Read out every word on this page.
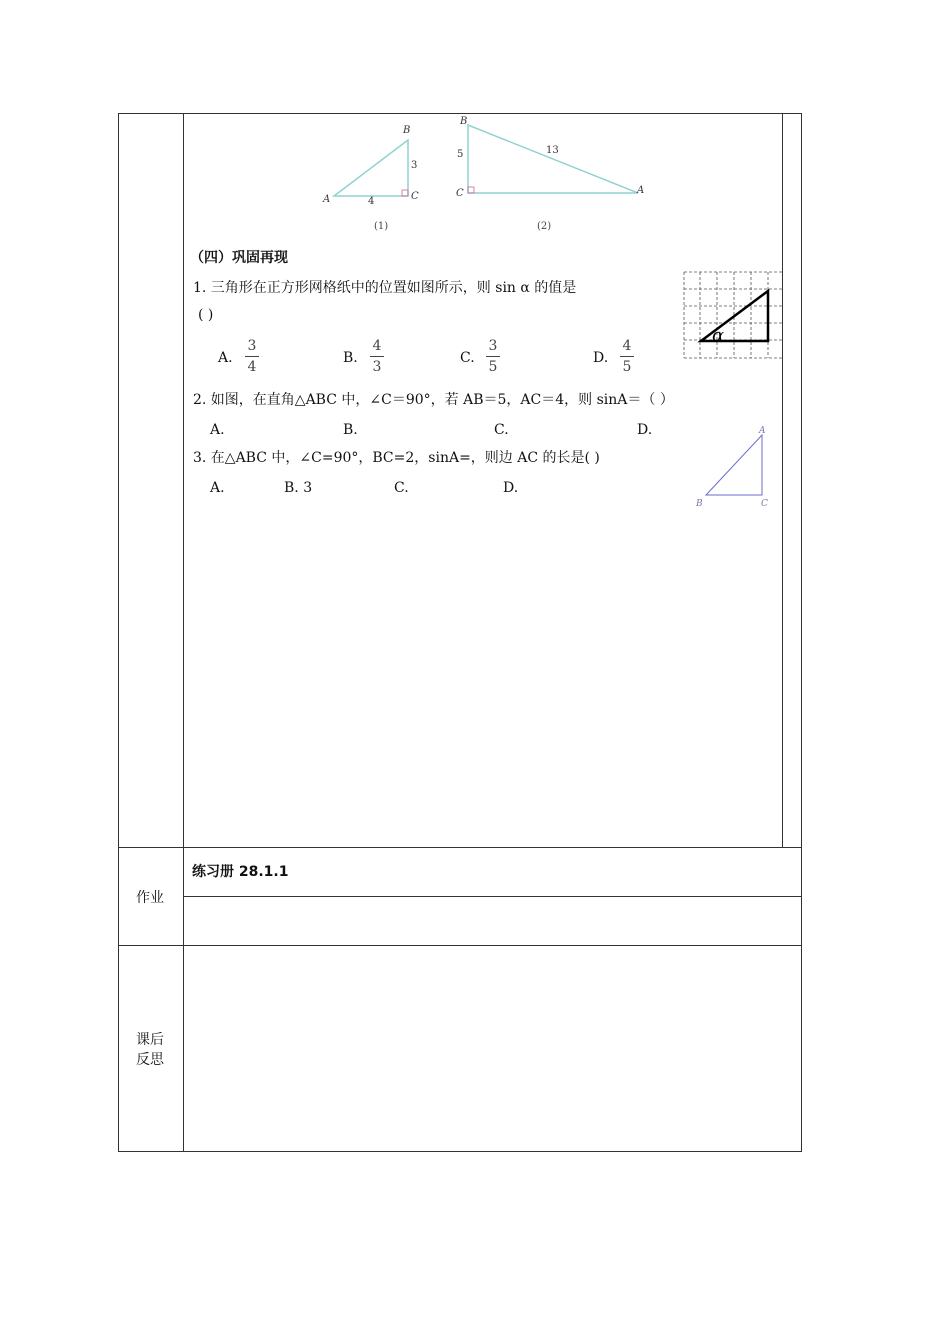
B
A	C
3
4
(1)
B
C	A
5	13
(2)
（四）巩固再现
1. 三角形在正方形网格纸中的位置如图所示，则 sin α 的值是
( )
A.
3
4
B.
4
3
C.
3
5
D.
4
5
α
2. 如图，在直角△ABC 中，∠C＝90°，若 AB＝5，AC＝4，则 sinA＝（ ）
A.	B.	C.	D.
3. 在△ABC 中，∠C=90°，BC=2，sinA=，则边 AC 的长是( )
A.	B. 3	C.	D.
A
B	C
作业
练习册 28.1.1
课后
反思
